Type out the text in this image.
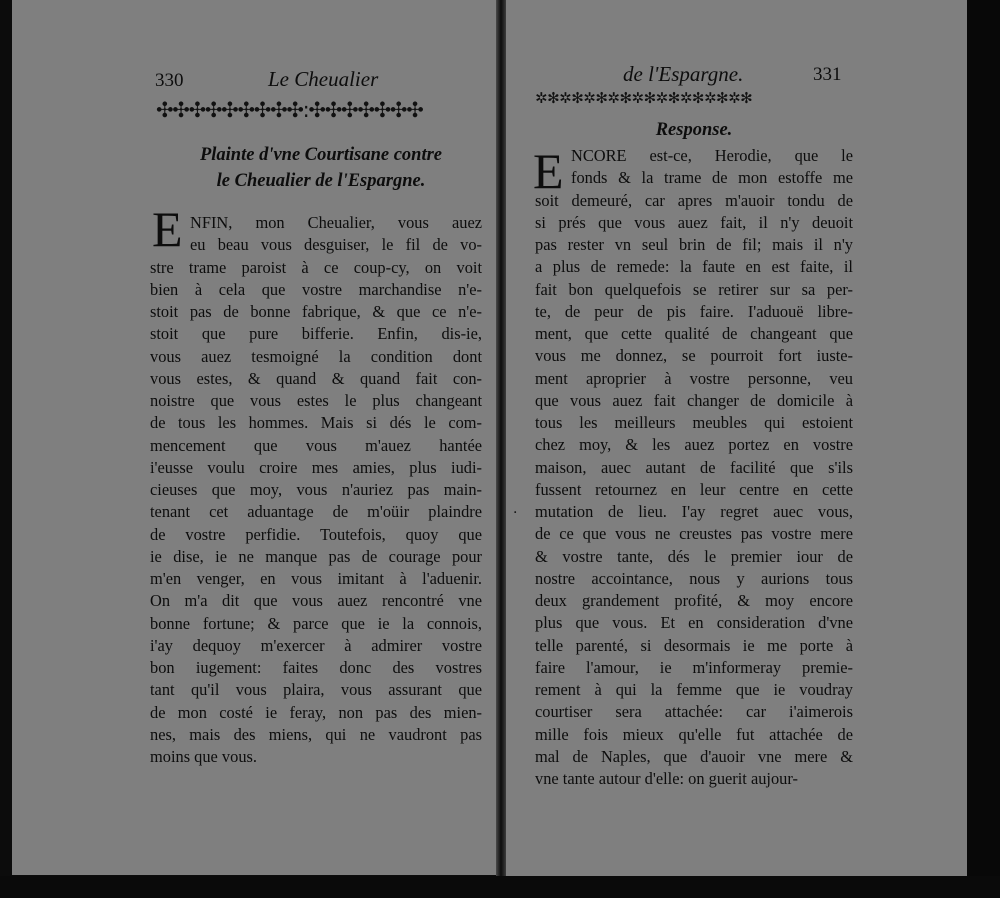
330	Le Cheualier
✣✣✣✣✣✣✣✣✣:✣✣✣✣✣✣✣
Plainte d'vne Courtisane contre
le Cheualier de l'Espargne.
E NFIN, mon Cheualier, vous auez
eu beau vous desguiser, le fil de vo-
stre trame paroist à ce coup-cy, on voit
bien à cela que vostre marchandise n'e-
stoit pas de bonne fabrique, & que ce n'e-
stoit que pure bifferie. Enfin, dis-ie,
vous auez tesmoigné la condition dont
vous estes, & quand & quand fait con-
noistre que vous estes le plus changeant
de tous les hommes. Mais si dés le com-
mencement que vous m'auez hantée
i'eusse voulu croire mes amies, plus iudi-
cieuses que moy, vous n'auriez pas main-
tenant cet aduantage de m'oüir plaindre
de vostre perfidie. Toutefois, quoy que
ie dise, ie ne manque pas de courage pour
m'en venger, en vous imitant à l'aduenir.
On m'a dit que vous auez rencontré vne
bonne fortune; & parce que ie la connois,
i'ay dequoy m'exercer à admirer vostre
bon iugement: faites donc des vostres
tant qu'il vous plaira, vous assurant que
de mon costé ie feray, non pas des mien-
nes, mais des miens, qui ne vaudront pas
moins que vous.
de l'Espargne.	331
✲✻✲✻✲✻✲✻✲✻✲✻✲✻✲✻✲✻
Response.
E NCORE est-ce, Herodie, que le
fonds & la trame de mon estoffe me
soit demeuré, car apres m'auoir tondu de
si prés que vous auez fait, il n'y deuoit
pas rester vn seul brin de fil; mais il n'y
a plus de remede: la faute en est faite, il
fait bon quelquefois se retirer sur sa per-
te, de peur de pis faire. I'aduouë libre-
ment, que cette qualité de changeant que
vous me donnez, se pourroit fort iuste-
ment aproprier à vostre personne, veu
que vous auez fait changer de domicile à
tous les meilleurs meubles qui estoient
chez moy, & les auez portez en vostre
maison, auec autant de facilité que s'ils
fussent retournez en leur centre en cette
mutation de lieu. I'ay regret auec vous,
de ce que vous ne creustes pas vostre mere
& vostre tante, dés le premier iour de
nostre accointance, nous y aurions tous
deux grandement profité, & moy encore
plus que vous. Et en consideration d'vne
telle parenté, si desormais ie me porte à
faire l'amour, ie m'informeray premie-
rement à qui la femme que ie voudray
courtiser sera attachée: car i'aimerois
mille fois mieux qu'elle fut attachée de
mal de Naples, que d'auoir vne mere &
vne tante autour d'elle: on guerit aujour-
·
